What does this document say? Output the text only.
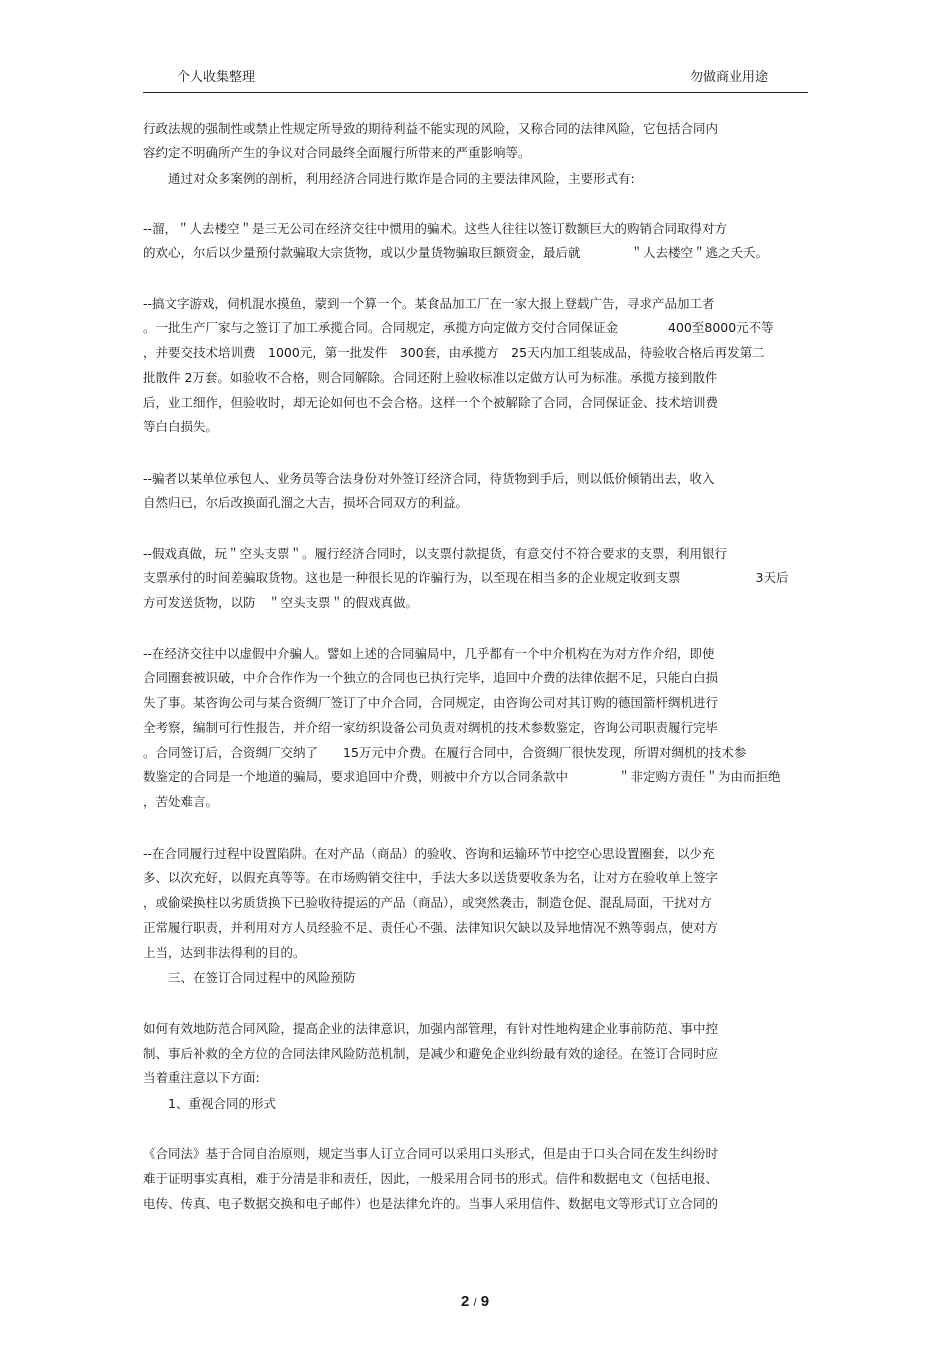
个人收集整理	勿做商业用途
行政法规的强制性或禁止性规定所导致的期待利益不能实现的风险，又称合同的法律风险，它包括合同内
容约定不明确所产生的争议对合同最终全面履行所带来的严重影响等。
　　通过对众多案例的剖析，利用经济合同进行欺诈是合同的主要法律风险，主要形式有:
--溜，＂人去楼空＂是三无公司在经济交往中惯用的骗术。这些人往往以签订数额巨大的购销合同取得对方
的欢心，尔后以少量预付款骗取大宗货物，或以少量货物骗取巨额资金，最后就　　　　＂人去楼空＂逃之夭夭。
--搞文字游戏，伺机混水摸鱼，蒙到一个算一个。某食品加工厂在一家大报上登载广告，寻求产品加工者
。一批生产厂家与之签订了加工承揽合同。合同规定，承揽方向定做方交付合同保证金　　　　400至8000元不等
，并要交技术培训费　1000元，第一批发件　300套，由承揽方　25天内加工组装成品，待验收合格后再发第二
批散件 2万套。如验收不合格，则合同解除。合同还附上验收标准以定做方认可为标准。承揽方接到散件
后，业工细作，但验收时，却无论如何也不会合格。这样一个个被解除了合同，合同保证金、技术培训费
等白白损失。
--骗者以某单位承包人、业务员等合法身份对外签订经济合同，待货物到手后，则以低价倾销出去，收入
自然归已，尔后改换面孔溜之大吉，损坏合同双方的利益。
--假戏真做，玩＂空头支票＂。履行经济合同时，以支票付款提货，有意交付不符合要求的支票，利用银行
支票承付的时间差骗取货物。这也是一种很长见的诈骗行为，以至现在相当多的企业规定收到支票　　　　　　3天后
方可发送货物，以防　＂空头支票＂的假戏真做。
--在经济交往中以虚假中介骗人。譬如上述的合同骗局中，几乎都有一个中介机构在为对方作介绍，即使
合同圈套被识破，中介合作作为一个独立的合同也已执行完毕，追回中介费的法律依据不足，只能白白损
失了事。某咨询公司与某合资绸厂签订了中介合同，合同规定，由咨询公司对其订购的德国箭杆绸机进行
全考察，编制可行性报告，并介绍一家纺织设备公司负责对绸机的技术参数鉴定，咨询公司职责履行完毕
。合同签订后，合资绸厂交纳了　　15万元中介费。在履行合同中，合资绸厂很快发现，所谓对绸机的技术参
数鉴定的合同是一个地道的骗局，要求追回中介费，则被中介方以合同条款中　　　　＂非定购方责任＂为由而拒绝
，苦处难言。
--在合同履行过程中设置陷阱。在对产品（商品）的验收、咨询和运输环节中挖空心思设置圈套，以少充
多、以次充好，以假充真等等。在市场购销交往中，手法大多以送货要收条为名，让对方在验收单上签字
，或偷梁换柱以劣质货换下已验收待提运的产品（商品），或突然袭击，制造仓促、混乱局面，干扰对方
正常履行职责，并利用对方人员经验不足、责任心不强、法律知识欠缺以及异地情况不熟等弱点，使对方
上当，达到非法得利的目的。
　　三、在签订合同过程中的风险预防
如何有效地防范合同风险，提高企业的法律意识，加强内部管理，有针对性地构建企业事前防范、事中控
制、事后补救的全方位的合同法律风险防范机制，是减少和避免企业纠纷最有效的途径。在签订合同时应
当着重注意以下方面:
　　1、重视合同的形式
《合同法》基于合同自治原则，规定当事人订立合同可以采用口头形式，但是由于口头合同在发生纠纷时
难于证明事实真相，难于分清是非和责任，因此，一般采用合同书的形式。信件和数据电文（包括电报、
电传、传真、电子数据交换和电子邮件）也是法律允许的。当事人采用信件、数据电文等形式订立合同的
2 / 9
